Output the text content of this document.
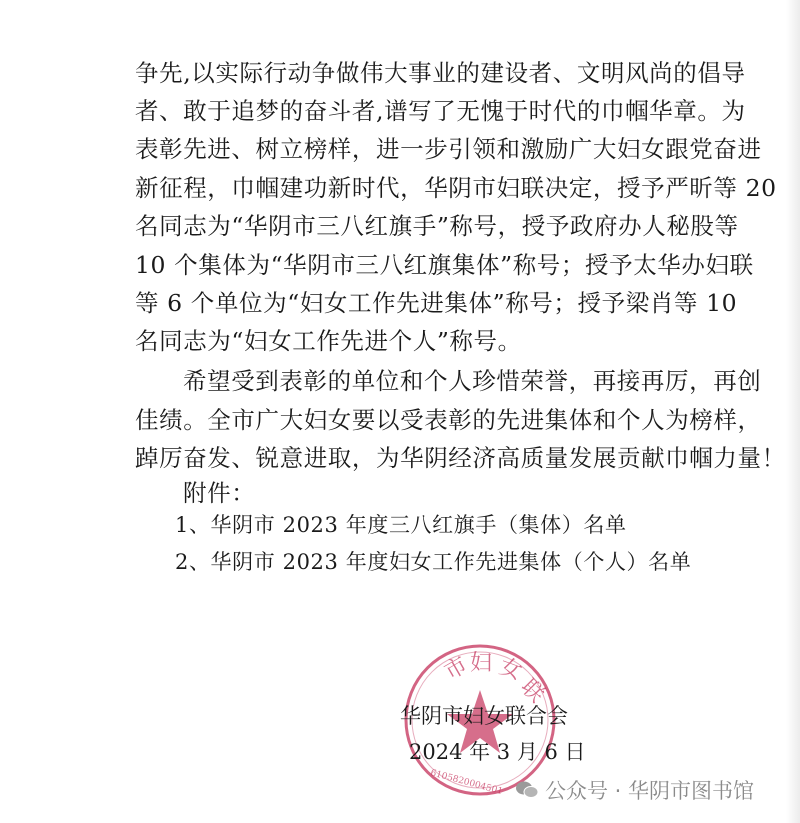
争先,以实际行动争做伟大事业的建设者、文明风尚的倡导
者、敢于追梦的奋斗者,谱写了无愧于时代的巾帼华章。为
表彰先进、树立榜样，进一步引领和激励广大妇女跟党奋进
新征程，巾帼建功新时代，华阴市妇联决定，授予严昕等 20
名同志为“华阴市三八红旗手”称号，授予政府办人秘股等
10 个集体为“华阴市三八红旗集体”称号；授予太华办妇联
等 6 个单位为“妇女工作先进集体”称号；授予梁肖等 10
名同志为“妇女工作先进个人”称号。
希望受到表彰的单位和个人珍惜荣誉，再接再厉，再创
佳绩。全市广大妇女要以受表彰的先进集体和个人为榜样，
踔厉奋发、锐意进取，为华阴经济高质量发展贡献巾帼力量！
附件：
1、华阴市 2023 年度三八红旗手（集体）名单
2、华阴市 2023 年度妇女工作先进集体（个人）名单
市
妇 女
联
6105820004501
华阴市妇女联合会
2024 年 3 月 6 日
公众号 · 华阴市图书馆
